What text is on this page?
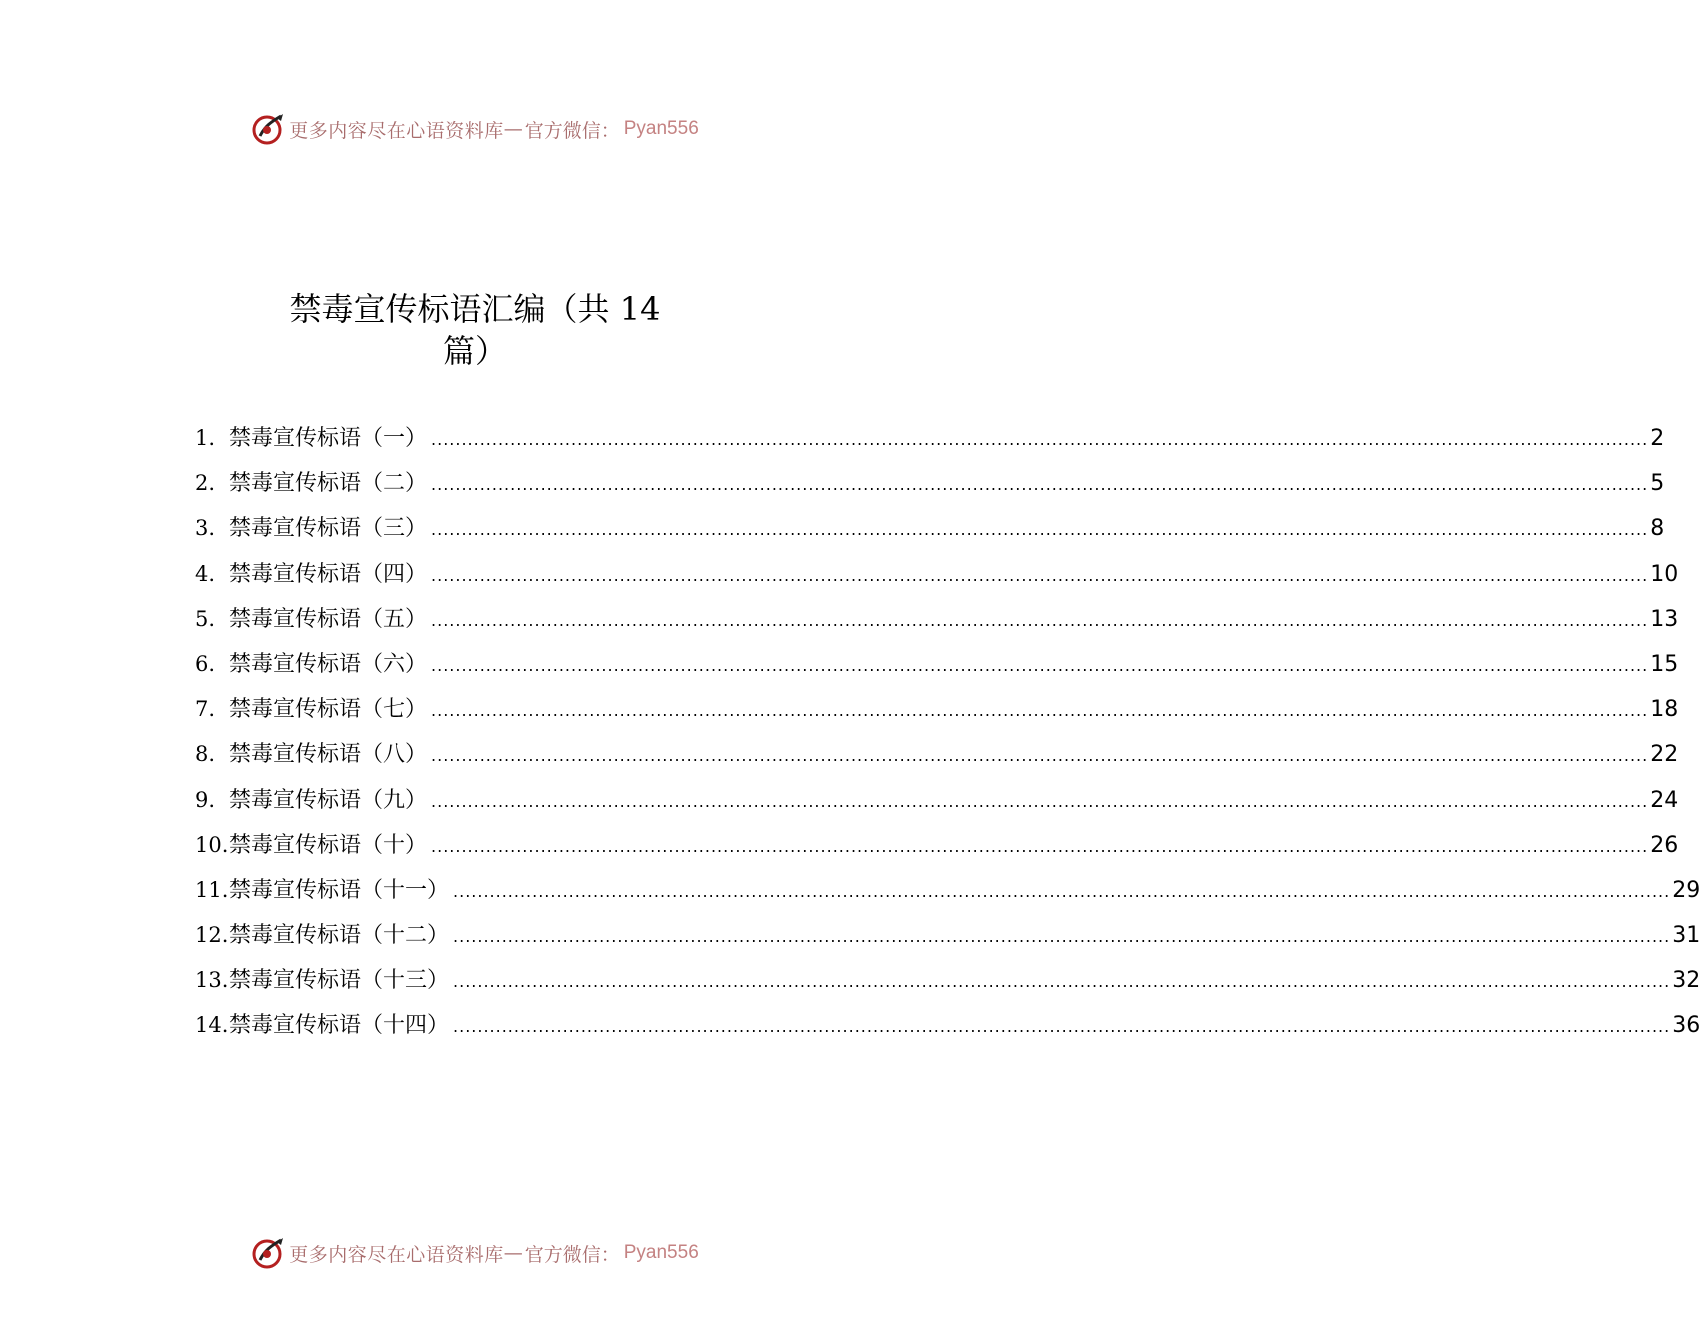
更多内容尽在心语资料库 — 官方微信： Pyan556
禁毒宣传标语汇编（共 14
篇）
1. 禁毒宣传标语（一） ........................................................................................................................................................................................................ 2
2. 禁毒宣传标语（二） ........................................................................................................................................................................................................ 5
3. 禁毒宣传标语（三） ........................................................................................................................................................................................................ 8
4. 禁毒宣传标语（四） ........................................................................................................................................................................................................ 10
5. 禁毒宣传标语（五） ........................................................................................................................................................................................................ 13
6. 禁毒宣传标语（六） ........................................................................................................................................................................................................ 15
7. 禁毒宣传标语（七） ........................................................................................................................................................................................................ 18
8. 禁毒宣传标语（八） ........................................................................................................................................................................................................ 22
9. 禁毒宣传标语（九） ........................................................................................................................................................................................................ 24
10. 禁毒宣传标语（十） ........................................................................................................................................................................................................ 26
11. 禁毒宣传标语（十一） ........................................................................................................................................................................................................ 29
12. 禁毒宣传标语（十二） ........................................................................................................................................................................................................ 31
13. 禁毒宣传标语（十三） ........................................................................................................................................................................................................ 32
14. 禁毒宣传标语（十四） ........................................................................................................................................................................................................ 36
更多内容尽在心语资料库 — 官方微信： Pyan556
